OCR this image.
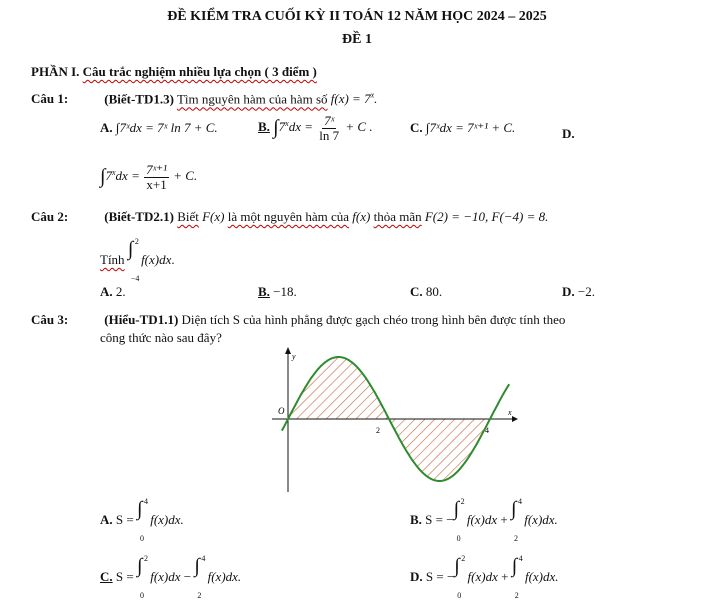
ĐỀ KIỂM TRA CUỐI KỲ II TOÁN 12 NĂM HỌC 2024 – 2025
ĐỀ 1
PHẦN I. Câu trắc nghiệm nhiều lựa chọn ( 3 điểm )
Câu 1:	(Biết-TD1.3) Tìm nguyên hàm của hàm số $f(x) = 7^x$.
A. ∫7ˣdx = 7ˣ ln 7 + C.	B. $\int 7^xdx = \frac{\text{7ˣ}}{\ln 7} + C$ .	C. ∫7ˣdx = 7ˣ⁺¹ + C.	D.
$\int 7^xdx = \frac{\text{7ˣ⁺¹}}{x+1} + C$.
Câu 2:	(Biết-TD2.1) Biết F(x) là một nguyên hàm của f(x) thỏa mãn F(2) = −10, F(−4) = 8.
Tính ∫ 2
−4
f(x)dx.
A. 2.	B. −18.	C. 80.	D. −2.
Câu 3:	(Hiểu-TD1.1) Diện tích S của hình phẳng được gạch chéo trong hình bên được tính theo
công thức nào sau đây?
y
x
O
2	4
A. S = ∫ 4
0
f(x)dx.	B. S = − ∫ 2
0
f(x)dx + ∫ 4
2
f(x)dx.
C. S = ∫ 2
0
f(x)dx − ∫ 4
2
f(x)dx.	D. S = − ∫ 2
0
f(x)dx + ∫ 4
2
f(x)dx.
